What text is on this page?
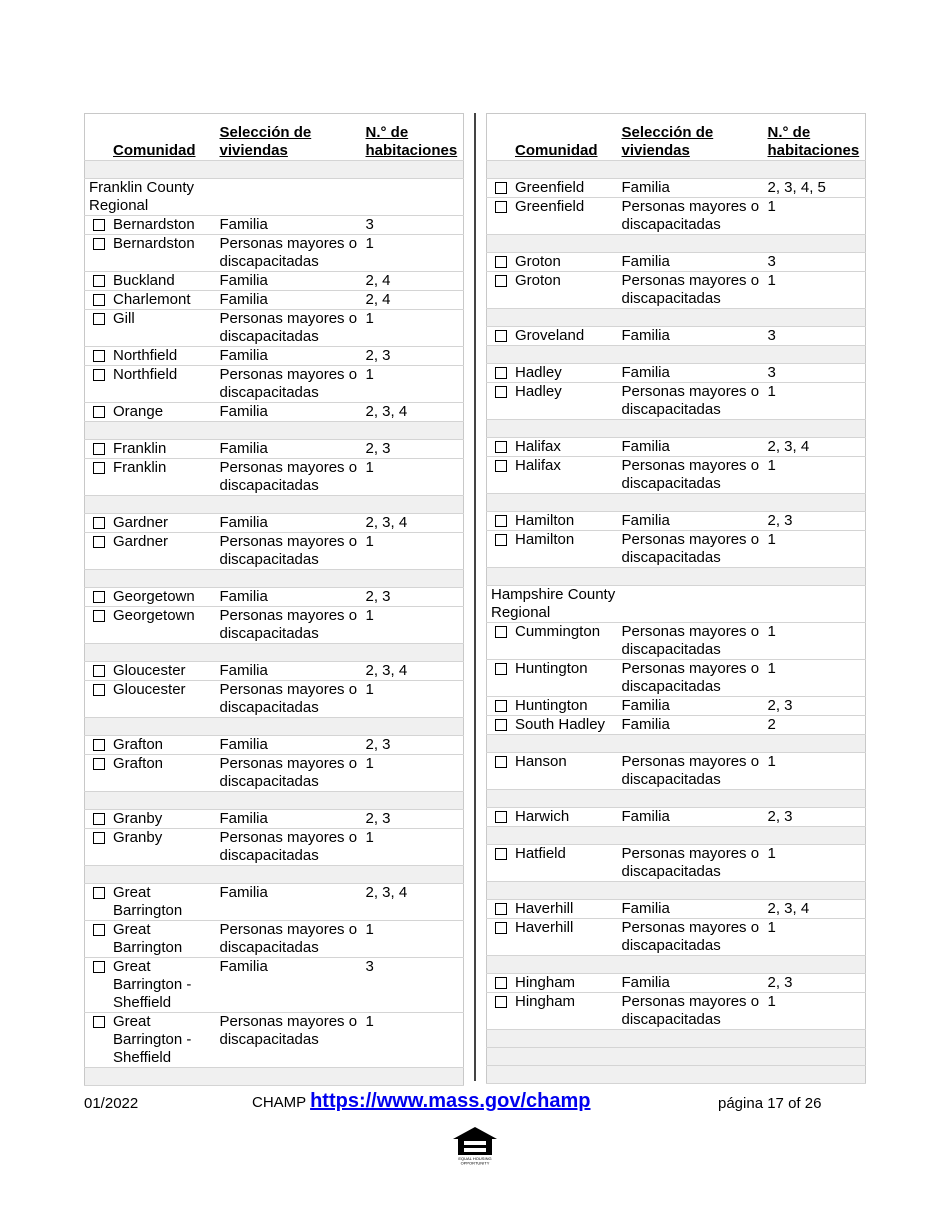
Comunidad	Selección de viviendas	N.° de habitaciones

Franklin County Regional		

Bernardston	Familia	3

Bernardston	Personas mayores o discapacitadas	1

Buckland	Familia	2, 4

Charlemont	Familia	2, 4

Gill	Personas mayores o discapacitadas	1

Northfield	Familia	2, 3

Northfield	Personas mayores o discapacitadas	1

Orange	Familia	2, 3, 4

Franklin	Familia	2, 3

Franklin	Personas mayores o discapacitadas	1

Gardner	Familia	2, 3, 4

Gardner	Personas mayores o discapacitadas	1

Georgetown	Familia	2, 3

Georgetown	Personas mayores o discapacitadas	1

Gloucester	Familia	2, 3, 4

Gloucester	Personas mayores o discapacitadas	1

Grafton	Familia	2, 3

Grafton	Personas mayores o discapacitadas	1

Granby	Familia	2, 3

Granby	Personas mayores o discapacitadas	1

Great Barrington	Familia	2, 3, 4

Great Barrington	Personas mayores o discapacitadas	1

Great Barrington - Sheffield	Familia	3

Great Barrington - Sheffield	Personas mayores o discapacitadas	1

Comunidad	Selección de viviendas	N.° de habitaciones

Greenfield	Familia	2, 3, 4, 5

Greenfield	Personas mayores o discapacitadas	1

Groton	Familia	3

Groton	Personas mayores o discapacitadas	1

Groveland	Familia	3

Hadley	Familia	3

Hadley	Personas mayores o discapacitadas	1

Halifax	Familia	2, 3, 4

Halifax	Personas mayores o discapacitadas	1

Hamilton	Familia	2, 3

Hamilton	Personas mayores o discapacitadas	1

Hampshire County Regional		

Cummington	Personas mayores o discapacitadas	1

Huntington	Personas mayores o discapacitadas	1

Huntington	Familia	2, 3

South Hadley	Familia	2

Hanson	Personas mayores o discapacitadas	1

Harwich	Familia	2, 3

Hatfield	Personas mayores o discapacitadas	1

Haverhill	Familia	2, 3, 4

Haverhill	Personas mayores o discapacitadas	1

Hingham	Familia	2, 3

Hingham	Personas mayores o discapacitadas	1

01/2022	CHAMP https://www.mass.gov/champ	página 17 of 26
EQUAL HOUSING
OPPORTUNITY
